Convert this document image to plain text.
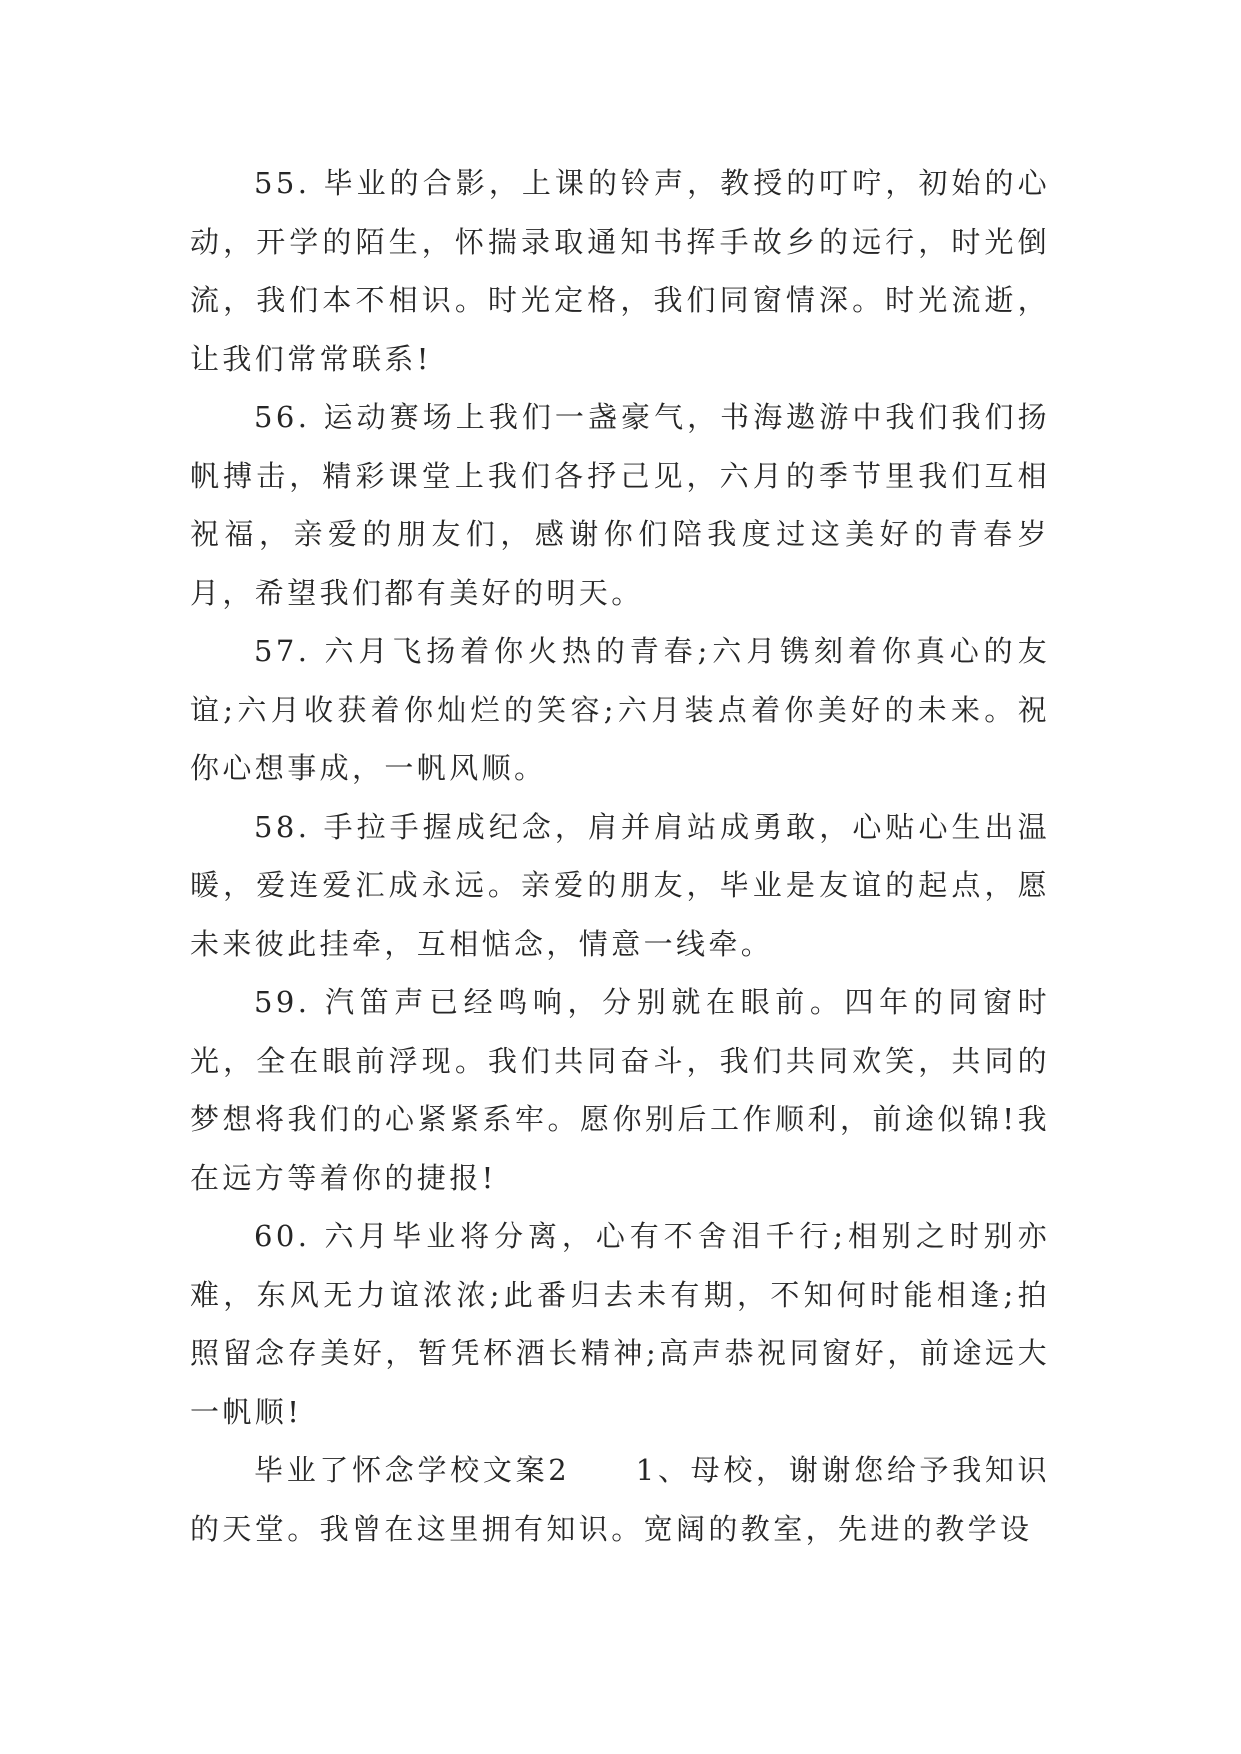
55. 毕业的合影，上课的铃声，教授的叮咛，初始的心动，开学的陌生，怀揣录取通知书挥手故乡的远行，时光倒流，我们本不相识。时光定格，我们同窗情深。时光流逝，让我们常常联系!

56. 运动赛场上我们一盏豪气，书海遨游中我们我们扬帆搏击，精彩课堂上我们各抒己见，六月的季节里我们互相祝福，亲爱的朋友们，感谢你们陪我度过这美好的青春岁月，希望我们都有美好的明天。

57. 六月飞扬着你火热的青春;六月镌刻着你真心的友谊;六月收获着你灿烂的笑容;六月装点着你美好的未来。祝你心想事成，一帆风顺。

58. 手拉手握成纪念，肩并肩站成勇敢，心贴心生出温暖，爱连爱汇成永远。亲爱的朋友，毕业是友谊的起点，愿未来彼此挂牵，互相惦念，情意一线牵。

59. 汽笛声已经鸣响，分别就在眼前。四年的同窗时光，全在眼前浮现。我们共同奋斗，我们共同欢笑，共同的梦想将我们的心紧紧系牢。愿你别后工作顺利，前途似锦!我在远方等着你的捷报!

60. 六月毕业将分离，心有不舍泪千行;相别之时别亦难，东风无力谊浓浓;此番归去未有期，不知何时能相逢;拍照留念存美好，暂凭杯酒长精神;高声恭祝同窗好，前途远大一帆顺!

毕业了怀念学校文案2　　1、母校，谢谢您给予我知识的天堂。我曾在这里拥有知识。宽阔的教室，先进的教学设
